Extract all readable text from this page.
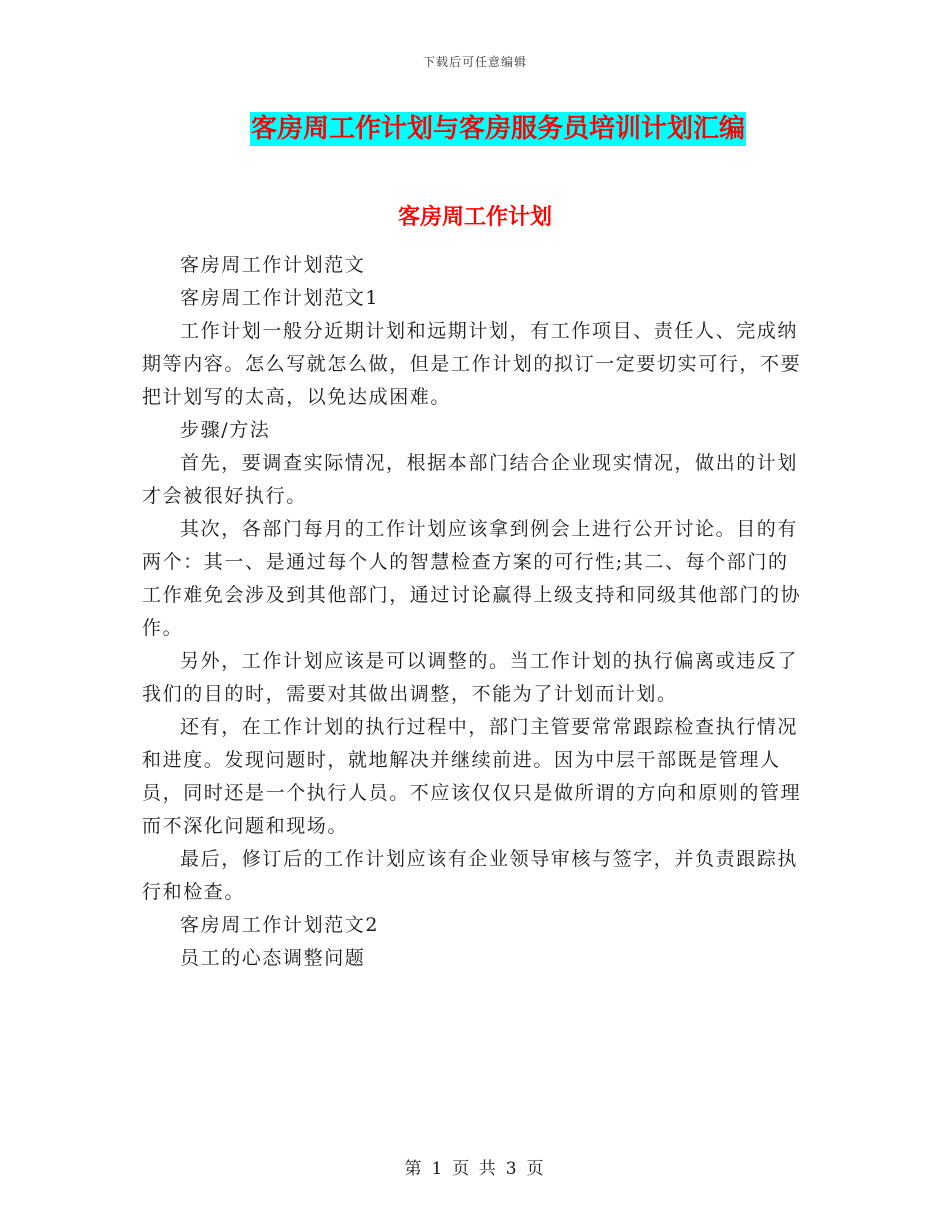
下载后可任意编辑
客房周工作计划与客房服务员培训计划汇编
客房周工作计划

客房周工作计划范文

客房周工作计划范文1

工作计划一般分近期计划和远期计划，有工作项目、责任人、完成纳期等内容。怎么写就怎么做，但是工作计划的拟订一定要切实可行，不要把计划写的太高，以免达成困难。

步骤/方法

首先，要调查实际情况，根据本部门结合企业现实情况，做出的计划才会被很好执行。

其次，各部门每月的工作计划应该拿到例会上进行公开讨论。目的有两个：其一、是通过每个人的智慧检查方案的可行性;其二、每个部门的工作难免会涉及到其他部门，通过讨论赢得上级支持和同级其他部门的协作。

另外，工作计划应该是可以调整的。当工作计划的执行偏离或违反了我们的目的时，需要对其做出调整，不能为了计划而计划。

还有，在工作计划的执行过程中，部门主管要常常跟踪检查执行情况和进度。发现问题时，就地解决并继续前进。因为中层干部既是管理人员，同时还是一个执行人员。不应该仅仅只是做所谓的方向和原则的管理而不深化问题和现场。

最后，修订后的工作计划应该有企业领导审核与签字，并负责跟踪执行和检查。

客房周工作计划范文2

员工的心态调整问题

第 1 页 共 3 页
